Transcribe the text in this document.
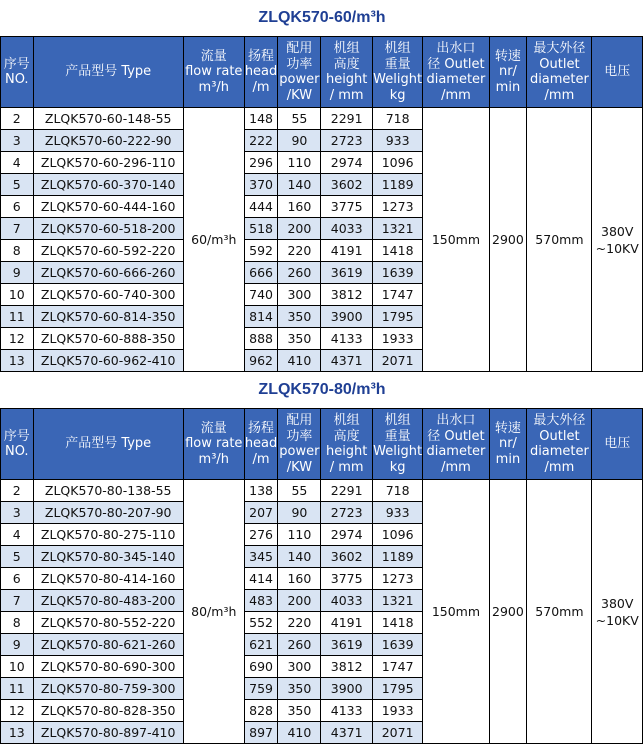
ZLQK570-60/m³h
序号
NO.	产品型号 Type	流量
flow rate
m³/h	扬程
head
/m	配用
功率
power
/KW	机组
高度
height
/ mm	机组
重量
Welight
kg	出水口
径 Outlet
diameter
/mm	转速
nr/
min	最大外径
Outlet
diameter
/mm	电压

2	ZLQK570-60-148-55	60/m³h	148	55	2291	718	150mm	2900	570mm	380V
~10KV

3	ZLQK570-60-222-90		222	90	2723	933				
4	ZLQK570-60-296-110		296	110	2974	1096				
5	ZLQK570-60-370-140		370	140	3602	1189				
6	ZLQK570-60-444-160		444	160	3775	1273				
7	ZLQK570-60-518-200		518	200	4033	1321				
8	ZLQK570-60-592-220		592	220	4191	1418				
9	ZLQK570-60-666-260		666	260	3619	1639				
10	ZLQK570-60-740-300		740	300	3812	1747				
11	ZLQK570-60-814-350		814	350	3900	1795				
12	ZLQK570-60-888-350		888	350	4133	1933				
13	ZLQK570-60-962-410		962	410	4371	2071				
ZLQK570-80/m³h
序号
NO.	产品型号 Type	流量
flow rate
m³/h	扬程
head
/m	配用
功率
power
/KW	机组
高度
height
/ mm	机组
重量
Welight
kg	出水口
径 Outlet
diameter
/mm	转速
nr/
min	最大外径
Outlet
diameter
/mm	电压

2	ZLQK570-80-138-55	80/m³h	138	55	2291	718	150mm	2900	570mm	380V
~10KV

3	ZLQK570-80-207-90		207	90	2723	933				
4	ZLQK570-80-275-110		276	110	2974	1096				
5	ZLQK570-80-345-140		345	140	3602	1189				
6	ZLQK570-80-414-160		414	160	3775	1273				
7	ZLQK570-80-483-200		483	200	4033	1321				
8	ZLQK570-80-552-220		552	220	4191	1418				
9	ZLQK570-80-621-260		621	260	3619	1639				
10	ZLQK570-80-690-300		690	300	3812	1747				
11	ZLQK570-80-759-300		759	350	3900	1795				
12	ZLQK570-80-828-350		828	350	4133	1933				
13	ZLQK570-80-897-410		897	410	4371	2071				
